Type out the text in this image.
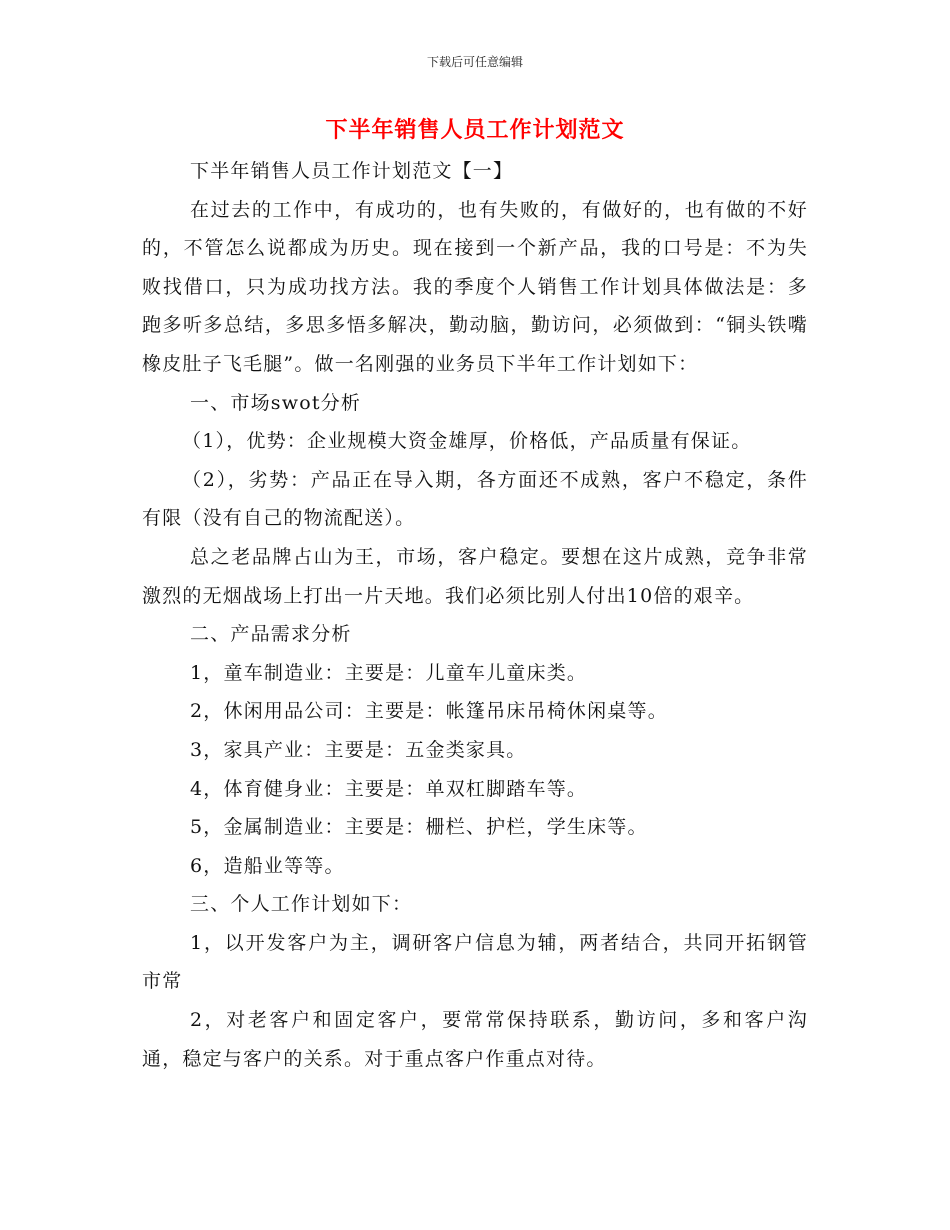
下载后可任意编辑
下半年销售人员工作计划范文

下半年销售人员工作计划范文【一】

在过去的工作中，有成功的，也有失败的，有做好的，也有做的不好的，不管怎么说都成为历史。现在接到一个新产品，我的口号是：不为失败找借口，只为成功找方法。我的季度个人销售工作计划具体做法是：多跑多听多总结，多思多悟多解决，勤动脑，勤访问，必须做到：“铜头铁嘴橡皮肚子飞毛腿”。做一名刚强的业务员下半年工作计划如下：

一、市场swot分析

（1），优势：企业规模大资金雄厚，价格低，产品质量有保证。

（2），劣势：产品正在导入期，各方面还不成熟，客户不稳定，条件有限（没有自己的物流配送）。

总之老品牌占山为王，市场，客户稳定。要想在这片成熟，竞争非常激烈的无烟战场上打出一片天地。我们必须比别人付出10倍的艰辛。

二、产品需求分析

1，童车制造业：主要是：儿童车儿童床类。

2，休闲用品公司：主要是：帐篷吊床吊椅休闲桌等。

3，家具产业：主要是：五金类家具。

4，体育健身业：主要是：单双杠脚踏车等。

5，金属制造业：主要是：栅栏、护栏，学生床等。

6，造船业等等。

三、个人工作计划如下：

1，以开发客户为主，调研客户信息为辅，两者结合，共同开拓钢管市常

2，对老客户和固定客户，要常常保持联系，勤访问，多和客户沟通，稳定与客户的关系。对于重点客户作重点对待。
